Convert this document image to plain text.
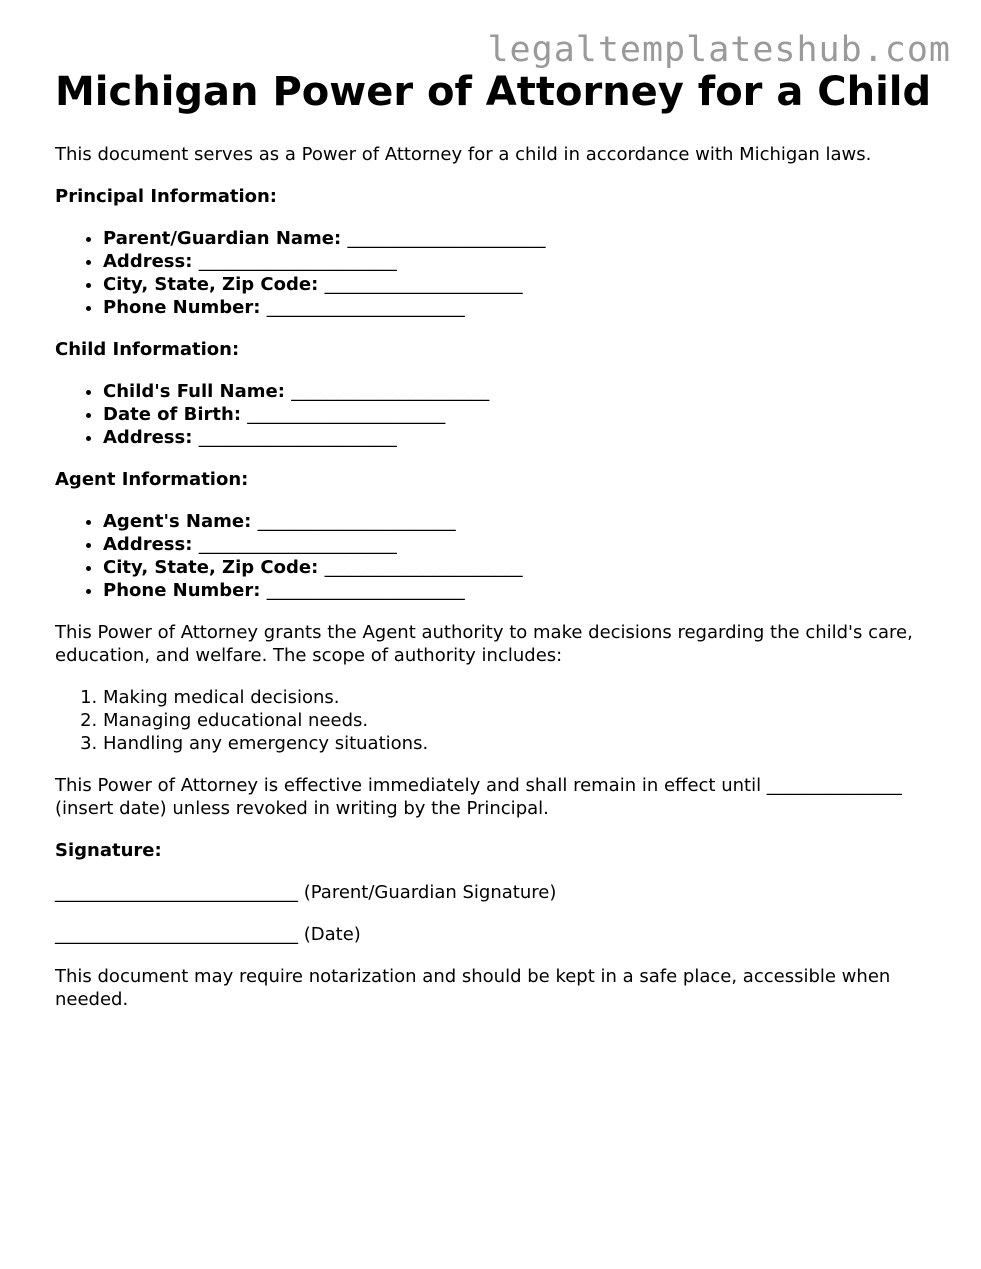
legaltemplateshub.com
Michigan Power of Attorney for a Child

This document serves as a Power of Attorney for a child in accordance with Michigan laws.

Principal Information:

• Parent/Guardian Name: ______________________
• Address: ______________________
• City, State, Zip Code: ______________________
• Phone Number: ______________________

Child Information:

• Child's Full Name: ______________________
• Date of Birth: ______________________
• Address: ______________________

Agent Information:

• Agent's Name: ______________________
• Address: ______________________
• City, State, Zip Code: ______________________
• Phone Number: ______________________

This Power of Attorney grants the Agent authority to make decisions regarding the child's care, education, and welfare. The scope of authority includes:

1. Making medical decisions.
2. Managing educational needs.
3. Handling any emergency situations.

This Power of Attorney is effective immediately and shall remain in effect until _______________ (insert date) unless revoked in writing by the Principal.

Signature:

___________________________ (Parent/Guardian Signature)

___________________________ (Date)

This document may require notarization and should be kept in a safe place, accessible when needed.
